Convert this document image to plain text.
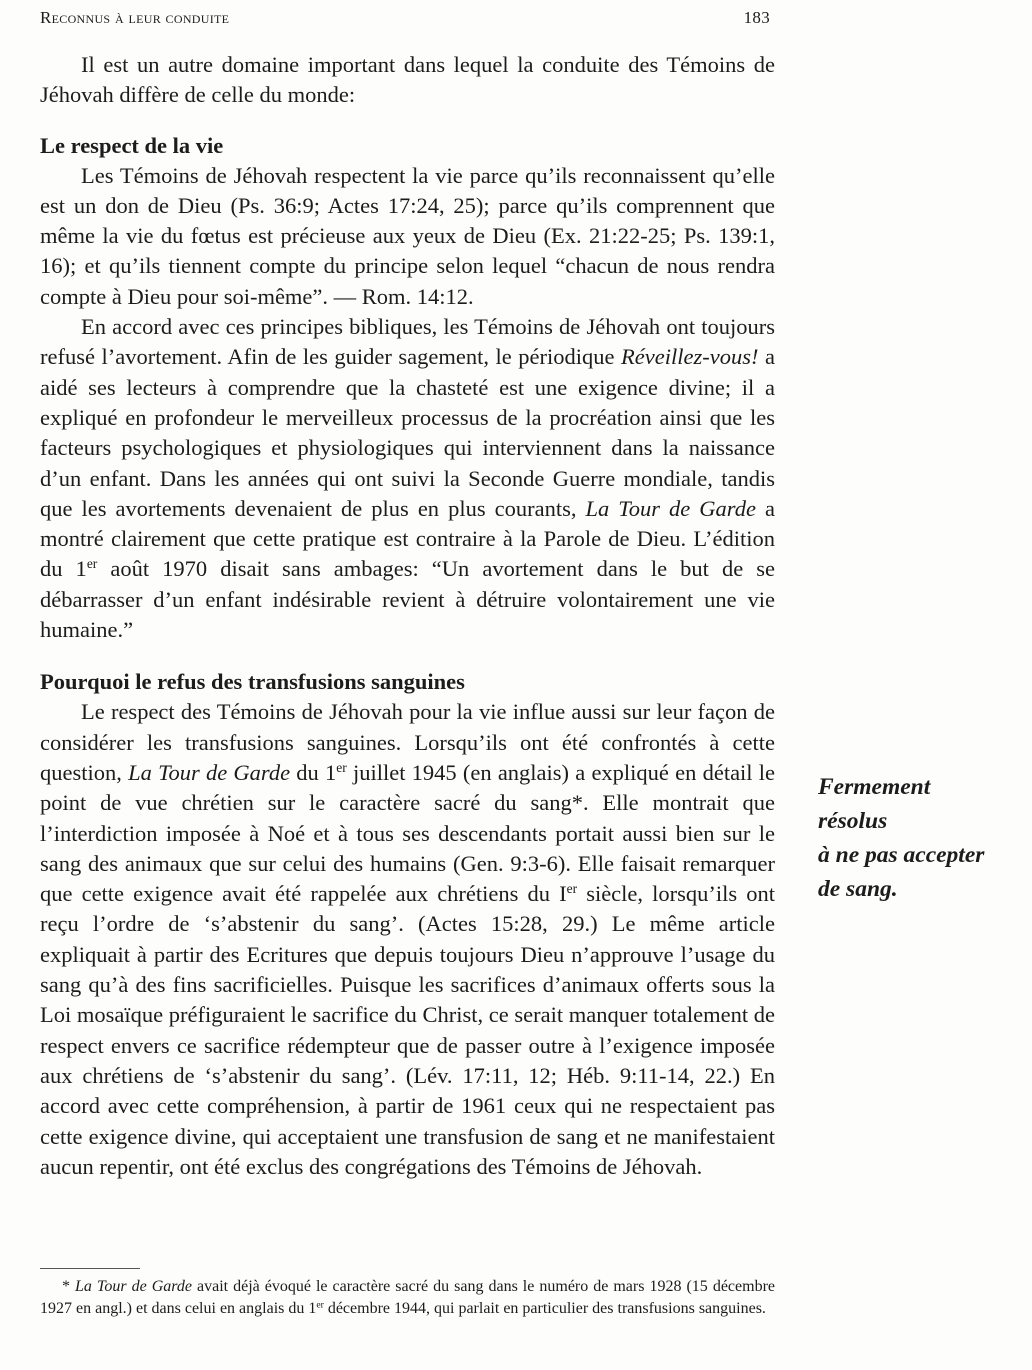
Reconnus à leur conduite	183

Il est un autre domaine important dans lequel la conduite des Témoins de Jéhovah diffère de celle du monde:

Le respect de la vie

Les Témoins de Jéhovah respectent la vie parce qu’ils reconnaissent qu’elle est un don de Dieu (Ps. 36:9; Actes 17:24, 25); parce qu’ils comprennent que même la vie du fœtus est précieuse aux yeux de Dieu (Ex. 21:22-25; Ps. 139:1, 16); et qu’ils tiennent compte du principe selon lequel “chacun de nous rendra compte à Dieu pour soi-même”. — Rom. 14:12.

En accord avec ces principes bibliques, les Témoins de Jéhovah ont toujours refusé l’avortement. Afin de les guider sagement, le périodique Réveillez-vous! a aidé ses lecteurs à comprendre que la chasteté est une exigence divine; il a expliqué en profondeur le merveilleux processus de la procréation ainsi que les facteurs psychologiques et physiologiques qui interviennent dans la naissance d’un enfant. Dans les années qui ont suivi la Seconde Guerre mondiale, tandis que les avortements devenaient de plus en plus courants, La Tour de Garde a montré clairement que cette pratique est contraire à la Parole de Dieu. L’édition du 1er août 1970 disait sans ambages: “Un avortement dans le but de se débarrasser d’un enfant indésirable revient à détruire volontairement une vie humaine.”

Pourquoi le refus des transfusions sanguines

Le respect des Témoins de Jéhovah pour la vie influe aussi sur leur façon de considérer les transfusions sanguines. Lorsqu’ils ont été confrontés à cette question, La Tour de Garde du 1er juillet 1945 (en anglais) a expliqué en détail le point de vue chrétien sur le caractère sacré du sang*. Elle montrait que l’interdiction imposée à Noé et à tous ses descendants portait aussi bien sur le sang des animaux que sur celui des humains (Gen. 9:3-6). Elle faisait remarquer que cette exigence avait été rappelée aux chrétiens du Ier siècle, lorsqu’ils ont reçu l’ordre de ‘s’abstenir du sang’. (Actes 15:28, 29.) Le même article expliquait à partir des Ecritures que depuis toujours Dieu n’approuve l’usage du sang qu’à des fins sacrificielles. Puisque les sacrifices d’animaux offerts sous la Loi mosaïque préfiguraient le sacrifice du Christ, ce serait manquer totalement de respect envers ce sacrifice rédempteur que de passer outre à l’exigence imposée aux chrétiens de ‘s’abstenir du sang’. (Lév. 17:11, 12; Héb. 9:11-14, 22.) En accord avec cette compréhension, à partir de 1961 ceux qui ne respectaient pas cette exigence divine, qui acceptaient une transfusion de sang et ne manifestaient aucun repentir, ont été exclus des congrégations des Témoins de Jéhovah.

Fermement
résolus
à ne pas accepter
de sang.
* La Tour de Garde avait déjà évoqué le caractère sacré du sang dans le numéro de mars 1928 (15 décembre 1927 en angl.) et dans celui en anglais du 1er décembre 1944, qui parlait en particulier des transfusions sanguines.
